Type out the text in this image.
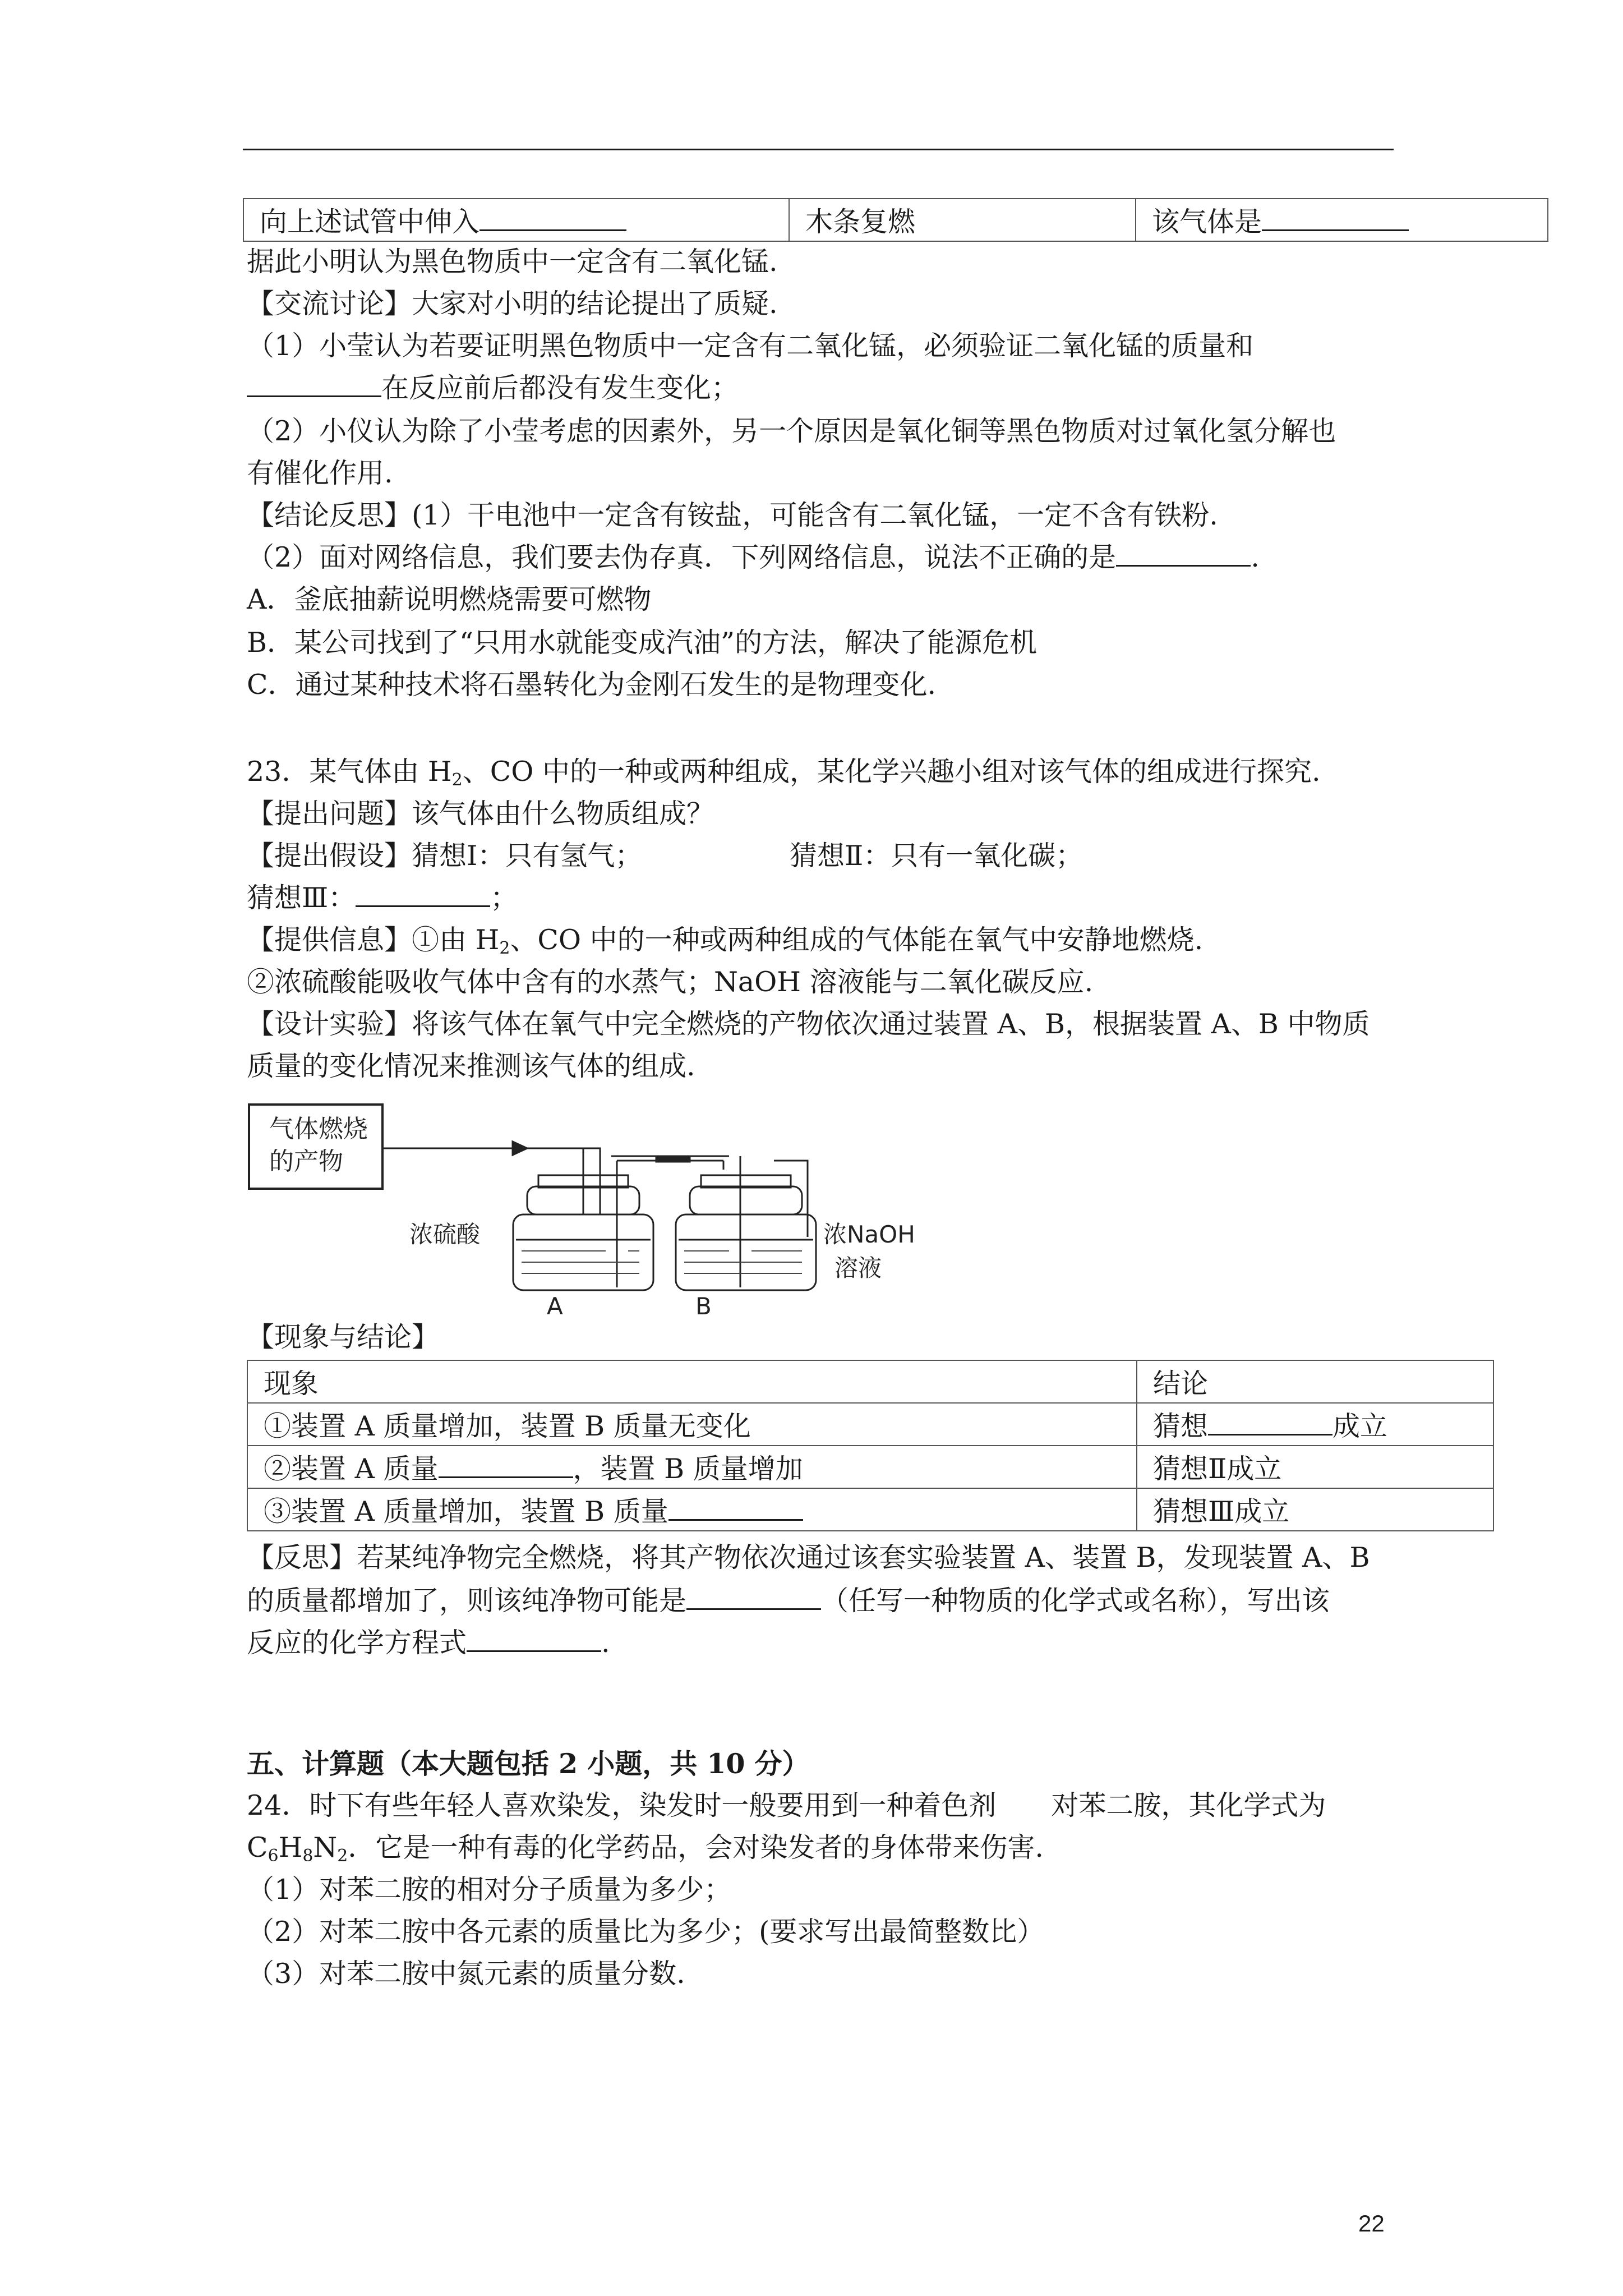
向上述试管中伸入	木条复燃	该气体是
据此小明认为黑色物质中一定含有二氧化锰.
【交流讨论】大家对小明的结论提出了质疑.
（1）小莹认为若要证明黑色物质中一定含有二氧化锰，必须验证二氧化锰的质量和
在反应前后都没有发生变化；
（2）小仪认为除了小莹考虑的因素外，另一个原因是氧化铜等黑色物质对过氧化氢分解也
有催化作用.
【结论反思】(1）干电池中一定含有铵盐，可能含有二氧化锰，一定不含有铁粉.
（2）面对网络信息，我们要去伪存真．下列网络信息，说法不正确的是	.
A．釜底抽薪说明燃烧需要可燃物
B．某公司找到了“只用水就能变成汽油”的方法，解决了能源危机
C．通过某种技术将石墨转化为金刚石发生的是物理变化.
23．某气体由 $H_2$、CO 中的一种或两种组成，某化学兴趣小组对该气体的组成进行探究.
【提出问题】该气体由什么物质组成？
【提出假设】猜想Ⅰ：只有氢气；	猜想Ⅱ：只有一氧化碳；
猜想Ⅲ：	；
【提供信息】①由 $H_2$、CO 中的一种或两种组成的气体能在氧气中安静地燃烧.
②浓硫酸能吸收气体中含有的水蒸气；NaOH 溶液能与二氧化碳反应.
【设计实验】将该气体在氧气中完全燃烧的产物依次通过装置 A、B，根据装置 A、B 中物质
质量的变化情况来推测该气体的组成.
气体燃烧
的产物
浓硫酸	浓NaOH
溶液
A	B
【现象与结论】
现象	结论
①装置 A 质量增加，装置 B 质量无变化	猜想 成立
②装置 A 质量 ，装置 B 质量增加	猜想Ⅱ成立
③装置 A 质量增加，装置 B 质量	猜想Ⅲ成立
【反思】若某纯净物完全燃烧，将其产物依次通过该套实验装置 A、装置 B，发现装置 A、B
的质量都增加了，则该纯净物可能是	（任写一种物质的化学式或名称），写出该
反应的化学方程式	.
五、计算题（本大题包括 2 小题，共 10 分）
24．时下有些年轻人喜欢染发，染发时一般要用到一种着色剂　　对苯二胺，其化学式为
$C_6H_8N_2$．它是一种有毒的化学药品，会对染发者的身体带来伤害.
（1）对苯二胺的相对分子质量为多少；
（2）对苯二胺中各元素的质量比为多少；(要求写出最简整数比）
（3）对苯二胺中氮元素的质量分数.
22
